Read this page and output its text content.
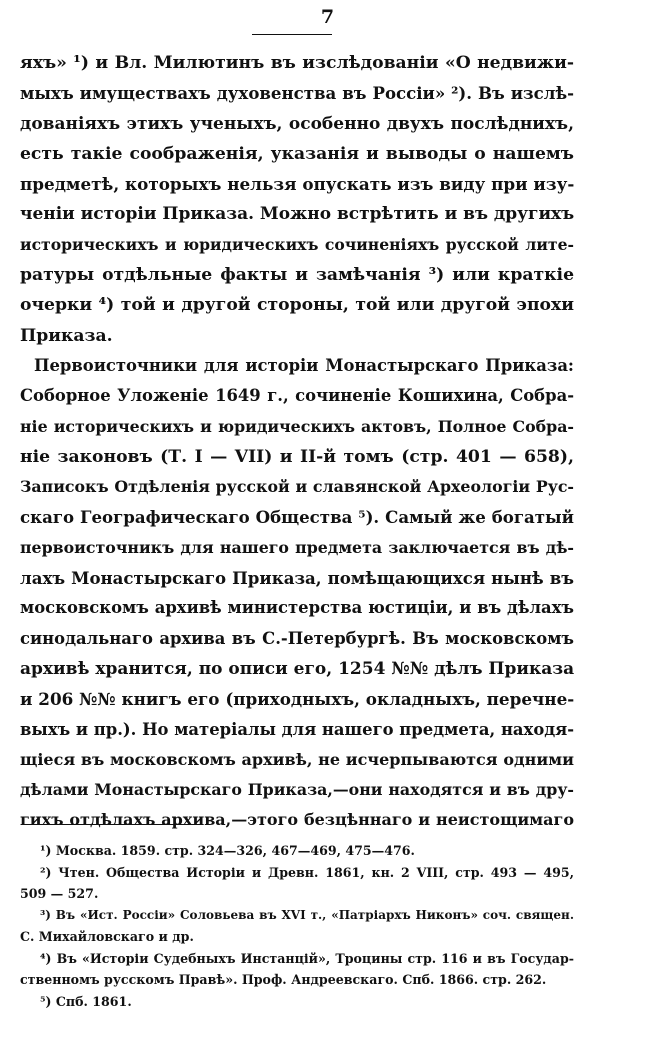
7
яхъ» ¹) и Вл. Милютинъ въ изслѣдованіи «О недвижи-
мыхъ имуществахъ духовенства въ Россіи» ²). Въ изслѣ-
дованіяхъ этихъ ученыхъ, особенно двухъ послѣднихъ,
есть такіе соображенія, указанія и выводы о нашемъ
предметѣ, которыхъ нельзя опускать изъ виду при изу-
ченіи исторіи Приказа. Можно встрѣтить и въ другихъ
историческихъ и юридическихъ сочиненіяхъ русской лите-
ратуры отдѣльные факты и замѣчанія ³) или краткіе
очерки ⁴) той и другой стороны, той или другой эпохи
Приказа.
Первоисточники для исторіи Монастырскаго Приказа:
Соборное Уложеніе 1649 г., сочиненіе Кошихина, Собра-
ніе историческихъ и юридическихъ актовъ, Полное Собра-
ніе законовъ (Т. I — VII) и II-й томъ (стр. 401 — 658),
Записокъ Отдѣленія русской и славянской Археологіи Рус-
скаго Географическаго Общества ⁵). Самый же богатый
первоисточникъ для нашего предмета заключается въ дѣ-
лахъ Монастырскаго Приказа, помѣщающихся нынѣ въ
московскомъ архивѣ министерства юстиціи, и въ дѣлахъ
синодальнаго архива въ С.-Петербургѣ. Въ московскомъ
архивѣ хранится, по описи его, 1254 №№ дѣлъ Приказа
и 206 №№ книгъ его (приходныхъ, окладныхъ, перечне-
выхъ и пр.). Но матеріалы для нашего предмета, находя-
щіеся въ московскомъ архивѣ, не исчерпываются одними
дѣлами Монастырскаго Приказа,—они находятся и въ дру-
гихъ отдѣлахъ архива,—этого безцѣннаго и неистощимаго
¹) Москва. 1859. стр. 324—326, 467—469, 475—476.
²) Чтен. Общества Исторіи и Древн. 1861, кн. 2 VIII, стр. 493 — 495,
509 — 527.
³) Въ «Ист. Россіи» Соловьева въ XVI т., «Патріархъ Никонъ» соч. священ.
С. Михайловскаго и др.
⁴) Въ «Исторіи Судебныхъ Инстанцій», Троцины стр. 116 и въ Государ-
ственномъ русскомъ Правѣ». Проф. Андреевскаго. Спб. 1866. стр. 262.
⁵) Спб. 1861.
